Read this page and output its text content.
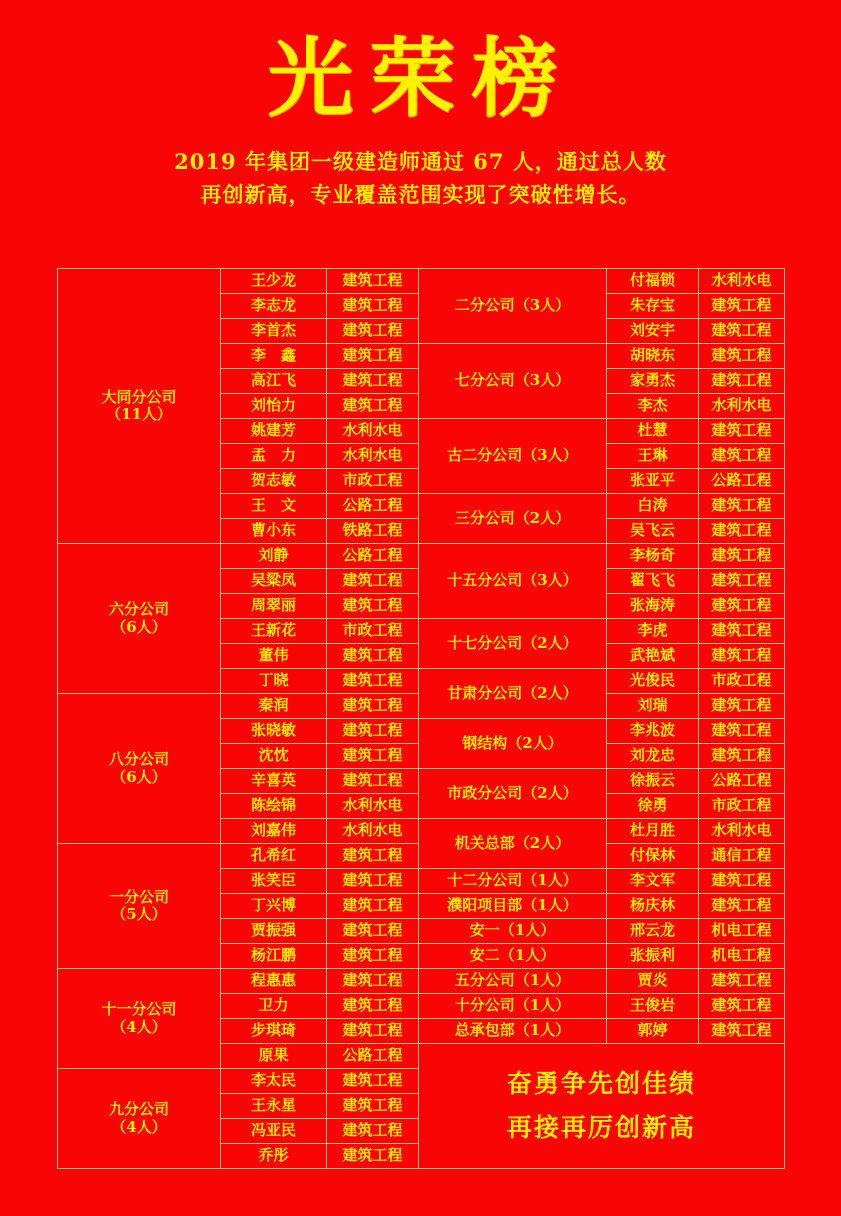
光荣榜
2019 年集团一级建造师通过 67 人，通过总人数
再创新高，专业覆盖范围实现了突破性增长。
大同分公司
（11人）	王少龙	建筑工程	二分公司（3人）	付福锁	水利水电
	李志龙	建筑工程		朱存宝	建筑工程
	李首杰	建筑工程		刘安宇	建筑工程
	李　鑫	建筑工程	七分公司（3人）	胡晓东	建筑工程
	高江飞	建筑工程		家勇杰	建筑工程
	刘怡力	建筑工程		李杰	水利水电
	姚建芳	水利水电	古二分公司（3人）	杜慧	建筑工程
	孟　力	水利水电		王琳	建筑工程
	贺志敏	市政工程		张亚平	公路工程
	王　文	公路工程	三分公司（2人）	白涛	建筑工程
	曹小东	铁路工程		吴飞云	建筑工程

六分公司
（6人）	刘静	公路工程	十五分公司（3人）	李杨奇	建筑工程
	吴粱凤	建筑工程		翟飞飞	建筑工程
	周翠丽	建筑工程		张海涛	建筑工程
	王新花	市政工程	十七分公司（2人）	李虎	建筑工程
	董伟	建筑工程		武艳斌	建筑工程
	丁晓	建筑工程	甘肃分公司（2人）	光俊民	市政工程

八分公司
（6人）	秦润	建筑工程		刘瑞	建筑工程
	张晓敏	建筑工程	钢结构（2人）	李兆波	建筑工程
	沈忱	建筑工程		刘龙忠	建筑工程
	辛喜英	建筑工程	市政分公司（2人）	徐振云	公路工程
	陈绘锦	水利水电		徐勇	市政工程
	刘嘉伟	水利水电	机关总部（2人）	杜月胜	水利水电

一分公司
（5人）	孔希红	建筑工程		付保林	通信工程
	张笑臣	建筑工程	十二分公司（1人）	李文军	建筑工程
	丁兴博	建筑工程	濮阳项目部（1人）	杨庆林	建筑工程
	贾振强	建筑工程	安一（1人）	邢云龙	机电工程
	杨江鹏	建筑工程	安二（1人）	张振利	机电工程

十一分公司
（4人）	程惠惠	建筑工程	五分公司（1人）	贾炎	建筑工程
	卫力	建筑工程	十分公司（1人）	王俊岩	建筑工程
	步琪琦	建筑工程	总承包部（1人）	郭婷	建筑工程
	原果	公路工程	奋勇争先创佳绩
再接再厉创新高		

九分公司
（4人）	李太民	建筑工程			
	王永星	建筑工程			
	冯亚民	建筑工程			
	乔彤	建筑工程			
